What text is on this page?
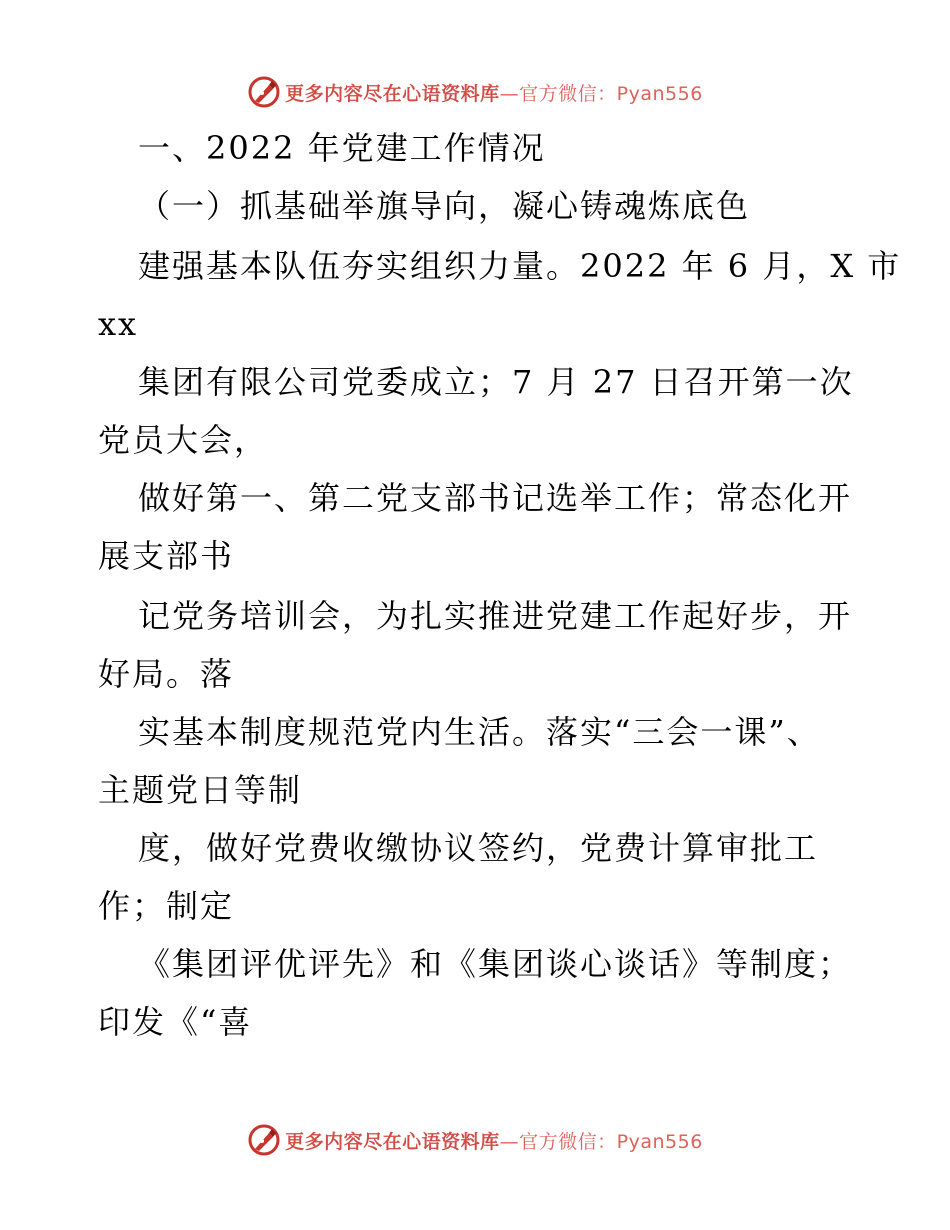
更多内容尽在心语资料库—官方微信：Pyan556
一、2022 年党建工作情况
（一）抓基础举旗导向，凝心铸魂炼底色
建强基本队伍夯实组织力量。2022 年 6 月，X 市
xx
集团有限公司党委成立；7 月 27 日召开第一次
党员大会，
做好第一、第二党支部书记选举工作；常态化开
展支部书
记党务培训会，为扎实推进党建工作起好步，开
好局。落
实基本制度规范党内生活。落实“三会一课”、
主题党日等制
度，做好党费收缴协议签约，党费计算审批工
作；制定
《集团评优评先》和《集团谈心谈话》等制度；
印发《“喜
更多内容尽在心语资料库—官方微信：Pyan556
